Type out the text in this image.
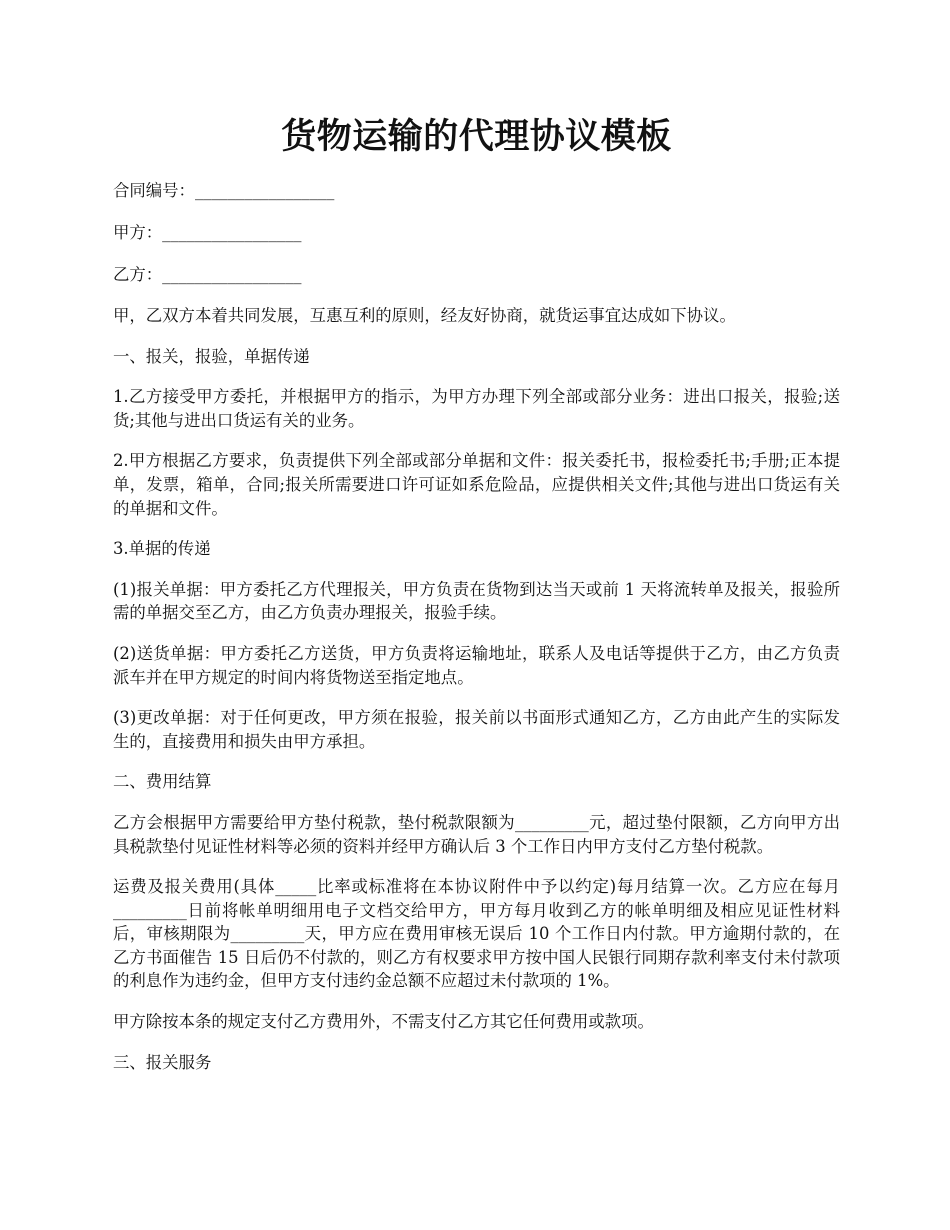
货物运输的代理协议模板

合同编号：_________________

甲方：_________________

乙方：_________________

甲，乙双方本着共同发展，互惠互利的原则，经友好协商，就货运事宜达成如下协议。

一、报关，报验，单据传递

1.乙方接受甲方委托，并根据甲方的指示，为甲方办理下列全部或部分业务：进出口报关，报验;送货;其他与进出口货运有关的业务。

2.甲方根据乙方要求，负责提供下列全部或部分单据和文件：报关委托书，报检委托书;手册;正本提单，发票，箱单，合同;报关所需要进口许可证如系危险品，应提供相关文件;其他与进出口货运有关的单据和文件。

3.单据的传递

(1)报关单据：甲方委托乙方代理报关，甲方负责在货物到达当天或前 1 天将流转单及报关，报验所需的单据交至乙方，由乙方负责办理报关，报验手续。

(2)送货单据：甲方委托乙方送货，甲方负责将运输地址，联系人及电话等提供于乙方，由乙方负责派车并在甲方规定的时间内将货物送至指定地点。

(3)更改单据：对于任何更改，甲方须在报验，报关前以书面形式通知乙方，乙方由此产生的实际发生的，直接费用和损失由甲方承担。

二、费用结算

乙方会根据甲方需要给甲方垫付税款，垫付税款限额为_________元，超过垫付限额，乙方向甲方出具税款垫付见证性材料等必须的资料并经甲方确认后 3 个工作日内甲方支付乙方垫付税款。

运费及报关费用(具体_____比率或标准将在本协议附件中予以约定)每月结算一次。乙方应在每月_________日前将帐单明细用电子文档交给甲方，甲方每月收到乙方的帐单明细及相应见证性材料后，审核期限为_________天，甲方应在费用审核无误后 10 个工作日内付款。甲方逾期付款的，在乙方书面催告 15 日后仍不付款的，则乙方有权要求甲方按中国人民银行同期存款利率支付未付款项的利息作为违约金，但甲方支付违约金总额不应超过未付款项的 1%。

甲方除按本条的规定支付乙方费用外，不需支付乙方其它任何费用或款项。

三、报关服务
